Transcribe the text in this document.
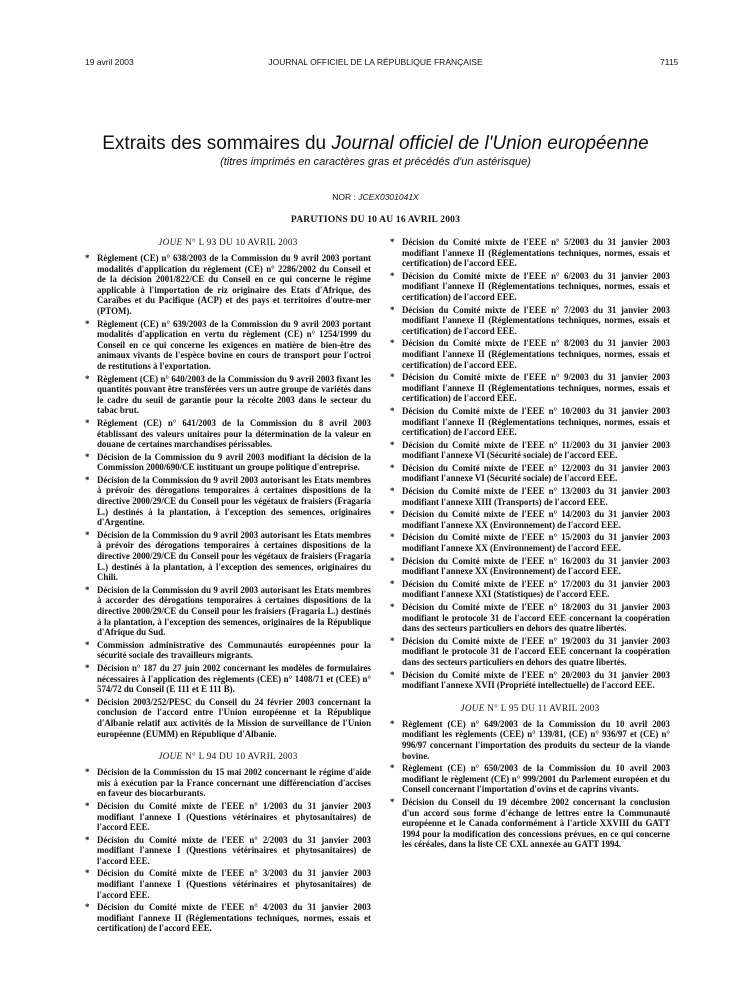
19 avril 2003	JOURNAL OFFICIEL DE LA RÉPUBLIQUE FRANÇAISE	7115
Extraits des sommaires du Journal officiel de l'Union européenne
(titres imprimés en caractères gras et précédés d'un astérisque)
NOR : JCEX0301041X
PARUTIONS DU 10 AU 16 AVRIL 2003
JOUE N° L 93 DU 10 AVRIL 2003
* Règlement (CE) n° 638/2003 de la Commission du 9 avril 2003 portant modalités d'application du règlement (CE) n° 2286/2002 du Conseil et de la décision 2001/822/CE du Conseil en ce qui concerne le régime applicable à l'importation de riz originaire des Etats d'Afrique, des Caraïbes et du Pacifique (ACP) et des pays et territoires d'outre-mer (PTOM).
* Règlement (CE) n° 639/2003 de la Commission du 9 avril 2003 portant modalités d'application en vertu du règlement (CE) n° 1254/1999 du Conseil en ce qui concerne les exigences en matière de bien-être des animaux vivants de l'espèce bovine en cours de transport pour l'octroi de restitutions à l'exportation.
* Règlement (CE) n° 640/2003 de la Commission du 9 avril 2003 fixant les quantités pouvant être transférées vers un autre groupe de variétés dans le cadre du seuil de garantie pour la récolte 2003 dans le secteur du tabac brut.
* Règlement (CE) n° 641/2003 de la Commission du 8 avril 2003 établissant des valeurs unitaires pour la détermination de la valeur en douane de certaines marchandises périssables.
* Décision de la Commission du 9 avril 2003 modifiant la décision de la Commission 2000/690/CE instituant un groupe politique d'entreprise.
* Décision de la Commission du 9 avril 2003 autorisant les Etats membres à prévoir des dérogations temporaires à certaines dispositions de la directive 2000/29/CE du Conseil pour les végétaux de fraisiers (Fragaria L.) destinés à la plantation, à l'exception des semences, originaires d'Argentine.
* Décision de la Commission du 9 avril 2003 autorisant les Etats membres à prévoir des dérogations temporaires à certaines dispositions de la directive 2000/29/CE du Conseil pour les végétaux de fraisiers (Fragaria L.) destinés à la plantation, à l'exception des semences, originaires du Chili.
* Décision de la Commission du 9 avril 2003 autorisant les Etats membres à accorder des dérogations temporaires à certaines dispositions de la directive 2000/29/CE du Conseil pour les fraisiers (Fragaria L.) destinés à la plantation, à l'exception des semences, originaires de la République d'Afrique du Sud.
* Commission administrative des Communautés européennes pour la sécurité sociale des travailleurs migrants.
* Décision n° 187 du 27 juin 2002 concernant les modèles de formulaires nécessaires à l'application des règlements (CEE) n° 1408/71 et (CEE) n° 574/72 du Conseil (E 111 et E 111 B).
* Décision 2003/252/PESC du Conseil du 24 février 2003 concernant la conclusion de l'accord entre l'Union européenne et la République d'Albanie relatif aux activités de la Mission de surveillance de l'Union européenne (EUMM) en République d'Albanie.
JOUE N° L 94 DU 10 AVRIL 2003
* Décision de la Commission du 15 mai 2002 concernant le régime d'aide mis à exécution par la France concernant une différenciation d'accises en faveur des biocarburants.
* Décision du Comité mixte de l'EEE n° 1/2003 du 31 janvier 2003 modifiant l'annexe I (Questions vétérinaires et phytosanitaires) de l'accord EEE.
* Décision du Comité mixte de l'EEE n° 2/2003 du 31 janvier 2003 modifiant l'annexe I (Questions vétérinaires et phytosanitaires) de l'accord EEE.
* Décision du Comité mixte de l'EEE n° 3/2003 du 31 janvier 2003 modifiant l'annexe I (Questions vétérinaires et phytosanitaires) de l'accord EEE.
* Décision du Comité mixte de l'EEE n° 4/2003 du 31 janvier 2003 modifiant l'annexe II (Réglementations techniques, normes, essais et certification) de l'accord EEE.
* Décision du Comité mixte de l'EEE n° 5/2003 du 31 janvier 2003 modifiant l'annexe II (Réglementations techniques, normes, essais et certification) de l'accord EEE.
* Décision du Comité mixte de l'EEE n° 6/2003 du 31 janvier 2003 modifiant l'annexe II (Réglementations techniques, normes, essais et certification) de l'accord EEE.
* Décision du Comité mixte de l'EEE n° 7/2003 du 31 janvier 2003 modifiant l'annexe II (Réglementations techniques, normes, essais et certification) de l'accord EEE.
* Décision du Comité mixte de l'EEE n° 8/2003 du 31 janvier 2003 modifiant l'annexe II (Réglementations techniques, normes, essais et certification) de l'accord EEE.
* Décision du Comité mixte de l'EEE n° 9/2003 du 31 janvier 2003 modifiant l'annexe II (Réglementations techniques, normes, essais et certification) de l'accord EEE.
* Décision du Comité mixte de l'EEE n° 10/2003 du 31 janvier 2003 modifiant l'annexe II (Réglementations techniques, normes, essais et certification) de l'accord EEE.
* Décision du Comité mixte de l'EEE n° 11/2003 du 31 janvier 2003 modifiant l'annexe VI (Sécurité sociale) de l'accord EEE.
* Décision du Comité mixte de l'EEE n° 12/2003 du 31 janvier 2003 modifiant l'annexe VI (Sécurité sociale) de l'accord EEE.
* Décision du Comité mixte de l'EEE n° 13/2003 du 31 janvier 2003 modifiant l'annexe XIII (Transports) de l'accord EEE.
* Décision du Comité mixte de l'EEE n° 14/2003 du 31 janvier 2003 modifiant l'annexe XX (Environnement) de l'accord EEE.
* Décision du Comité mixte de l'EEE n° 15/2003 du 31 janvier 2003 modifiant l'annexe XX (Environnement) de l'accord EEE.
* Décision du Comité mixte de l'EEE n° 16/2003 du 31 janvier 2003 modifiant l'annexe XX (Environnement) de l'accord EEE.
* Décision du Comité mixte de l'EEE n° 17/2003 du 31 janvier 2003 modifiant l'annexe XXI (Statistiques) de l'accord EEE.
* Décision du Comité mixte de l'EEE n° 18/2003 du 31 janvier 2003 modifiant le protocole 31 de l'accord EEE concernant la coopération dans des secteurs particuliers en dehors des quatre libertés.
* Décision du Comité mixte de l'EEE n° 19/2003 du 31 janvier 2003 modifiant le protocole 31 de l'accord EEE concernant la coopération dans des secteurs particuliers en dehors des quatre libertés.
* Décision du Comité mixte de l'EEE n° 20/2003 du 31 janvier 2003 modifiant l'annexe XVII (Propriété intellectuelle) de l'accord EEE.
JOUE N° L 95 DU 11 AVRIL 2003
* Règlement (CE) n° 649/2003 de la Commission du 10 avril 2003 modifiant les règlements (CEE) n° 139/81, (CE) n° 936/97 et (CE) n° 996/97 concernant l'importation des produits du secteur de la viande bovine.
* Règlement (CE) n° 650/2003 de la Commission du 10 avril 2003 modifiant le règlement (CE) n° 999/2001 du Parlement européen et du Conseil concernant l'importation d'ovins et de caprins vivants.
* Décision du Conseil du 19 décembre 2002 concernant la conclusion d'un accord sous forme d'échange de lettres entre la Communauté européenne et le Canada conformément à l'article XXVIII du GATT 1994 pour la modification des concessions prévues, en ce qui concerne les céréales, dans la liste CE CXL annexée au GATT 1994.
